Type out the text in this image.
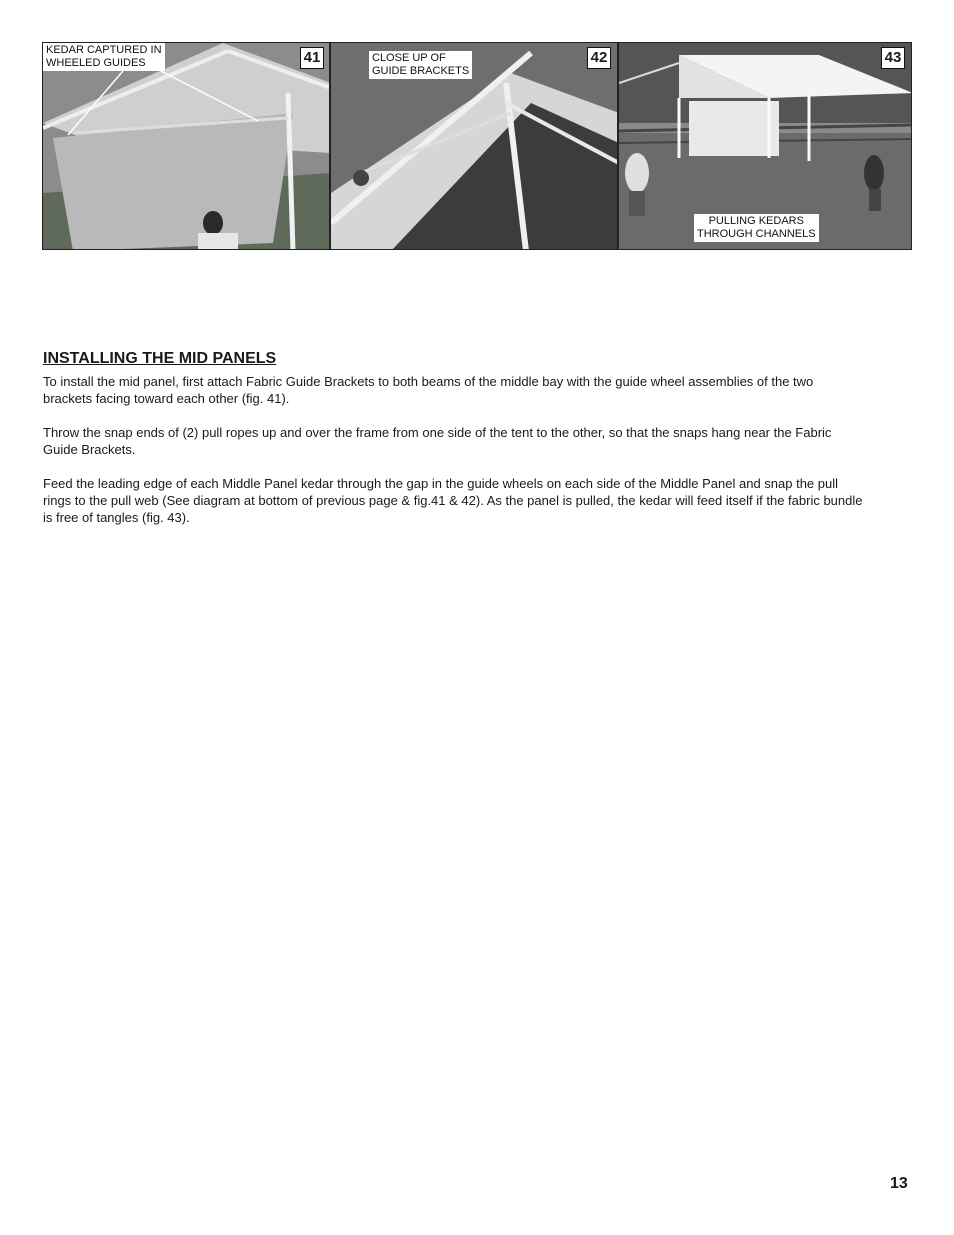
KEDAR CAPTURED IN
WHEELED GUIDES	41	CLOSE UP OF
GUIDE BRACKETS
42
PULLING KEDARS
THROUGH CHANNELS
43
INSTALLING THE MID PANELS

To install the mid panel, first attach Fabric Guide Brackets to both beams of the middle bay with the guide wheel assemblies of the two brackets facing toward each other (fig. 41).

Throw the snap ends of (2) pull ropes up and over the frame from one side of the tent to the other, so that the snaps hang near the Fabric Guide Brackets.

Feed the leading edge of each Middle Panel kedar through the gap in the guide wheels on each side of the Middle Panel and snap the pull rings to the pull web (See diagram at bottom of previous page & fig.41 & 42). As the panel is pulled, the kedar will feed itself if the fabric bundle is free of tangles (fig. 43).

13
